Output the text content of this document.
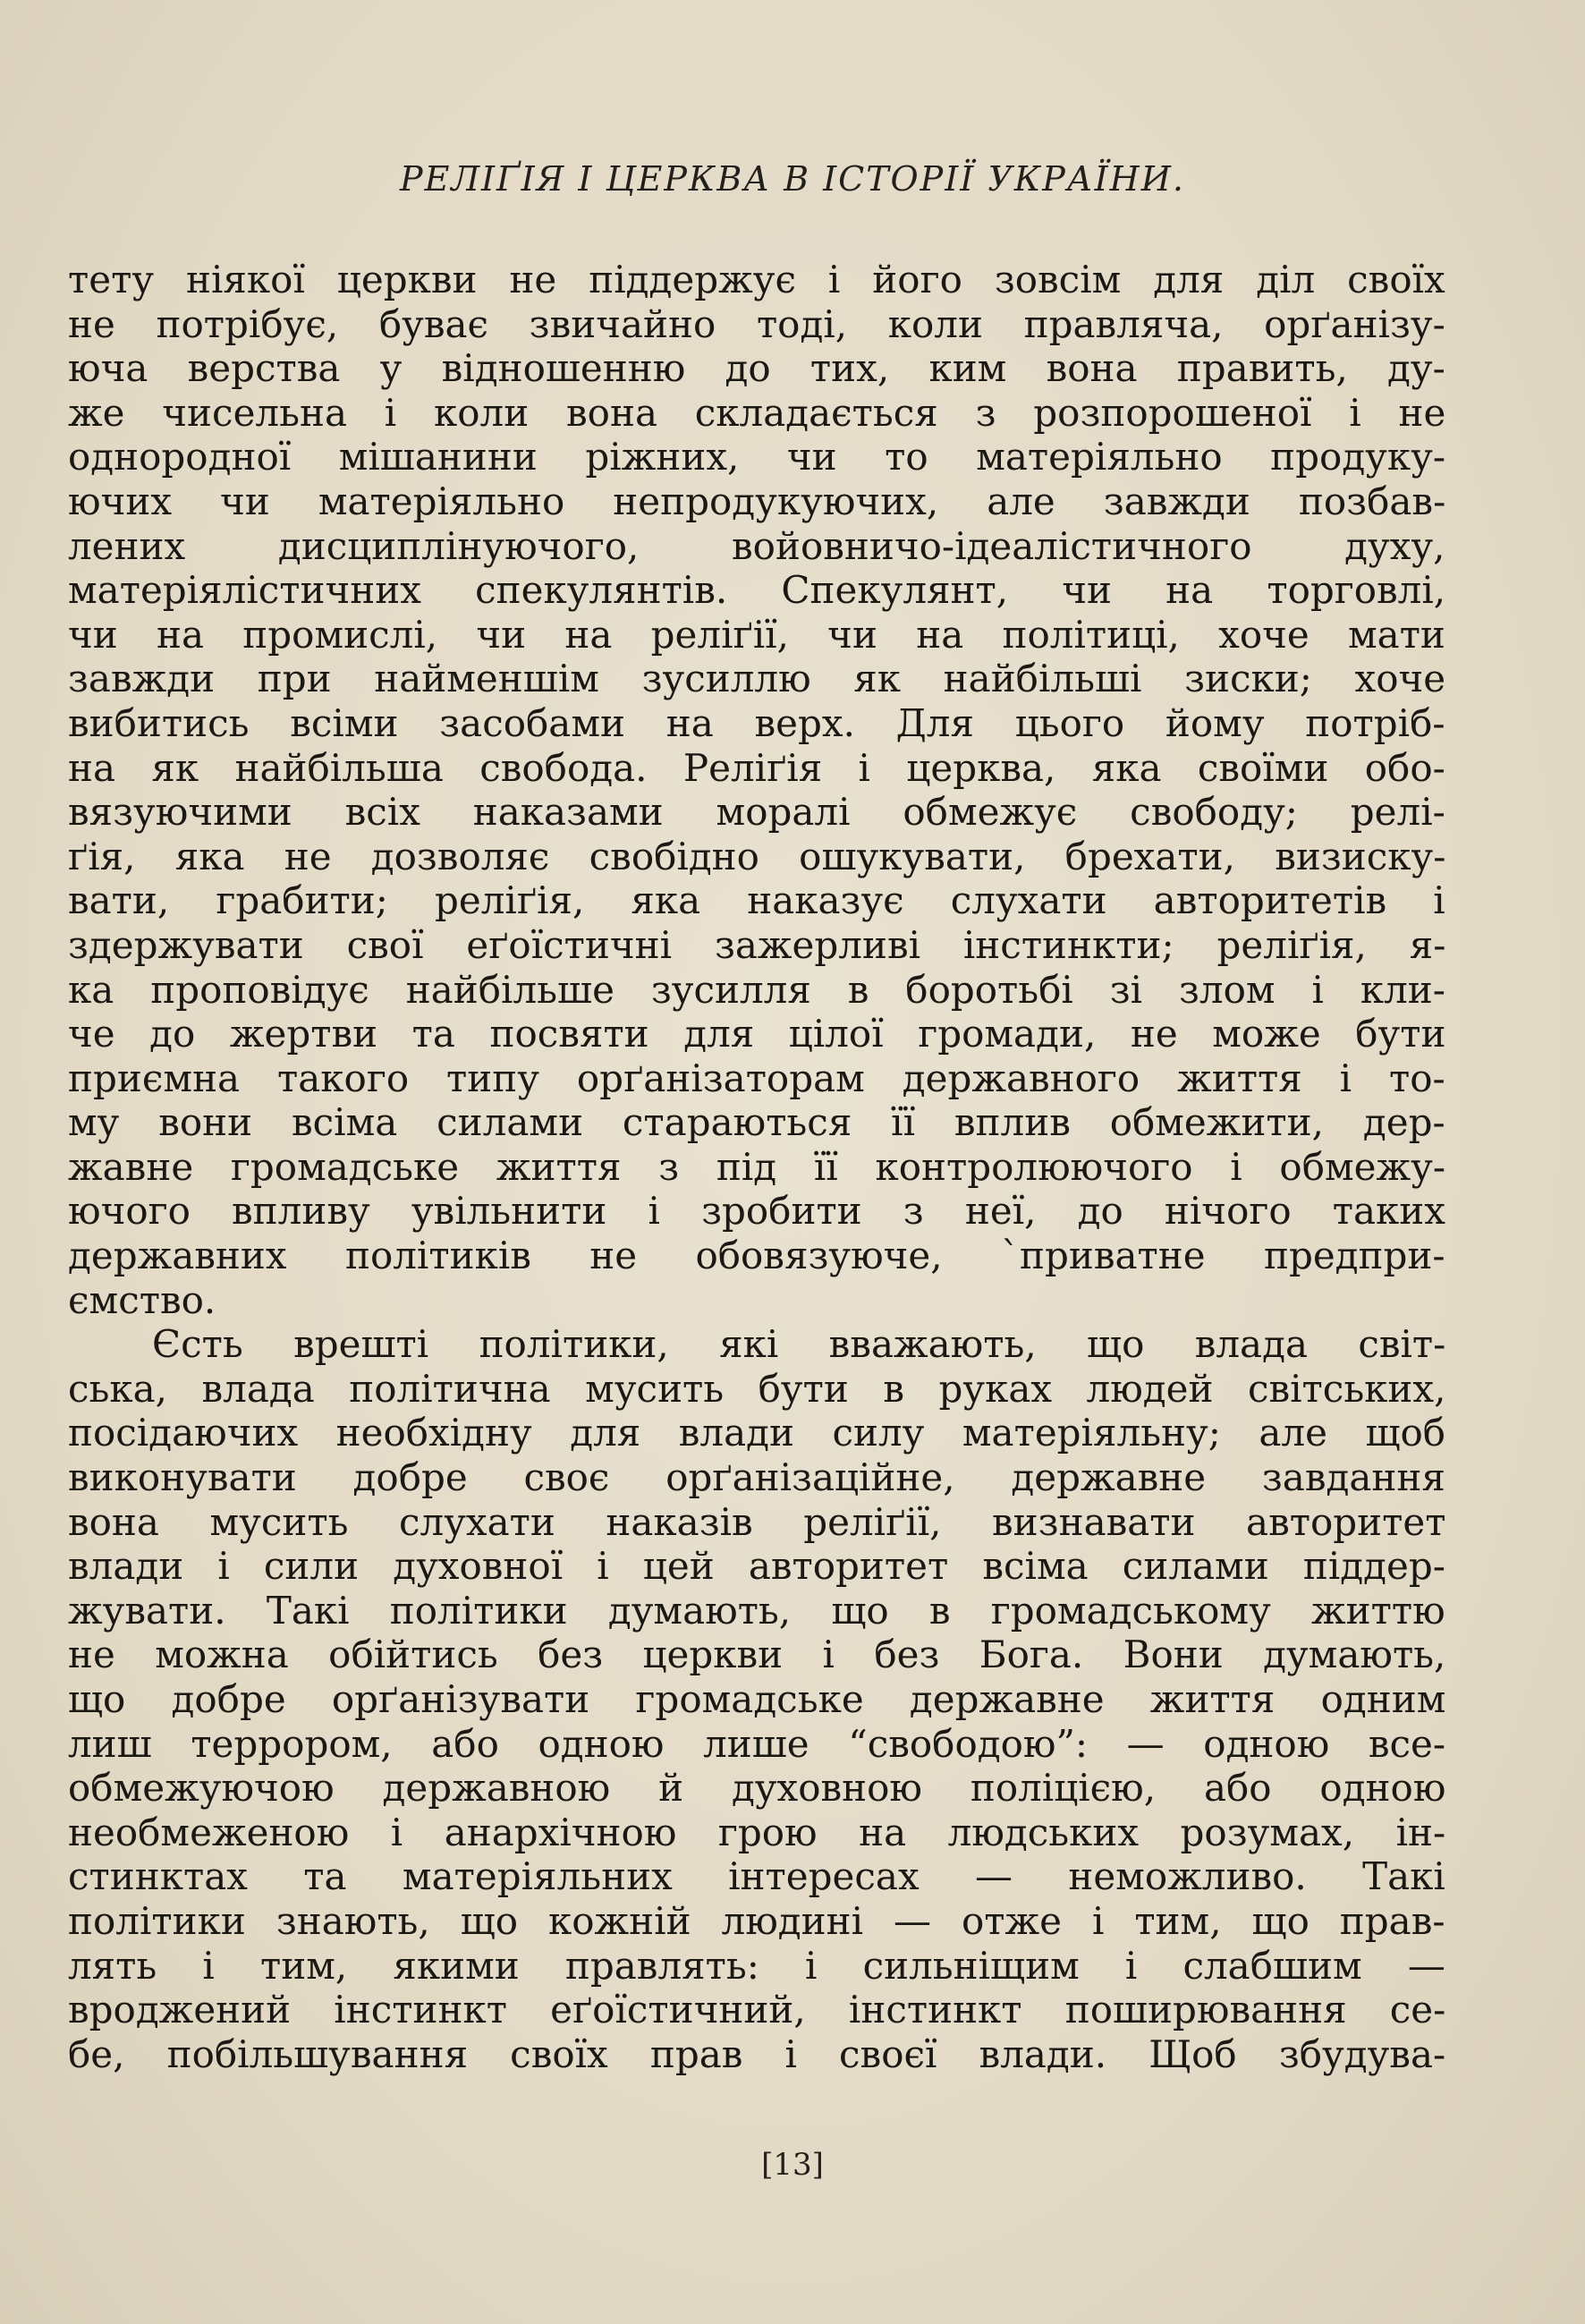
РЕЛІҐІЯ І ЦЕРКВА В ІСТОРІЇ УКРАЇНИ.
тету ніякої церкви не піддержує і його зовсім для діл своїх
не потрібує, буває звичайно тоді, коли правляча, орґанізу-
юча верства у відношенню до тих, ким вона править, ду-
же чисельна і коли вона складається з розпорошеної і не
однородної мішанини ріжних, чи то матеріяльно продуку-
ючих чи матеріяльно непродукуючих, але завжди позбав-
лених дисциплінуючого, войовничо-ідеалістичного духу,
матеріялістичних спекулянтів. Спекулянт, чи на торговлі,
чи на промислі, чи на реліґії, чи на політиці, хоче мати
завжди при найменшім зусиллю як найбільші зиски; хоче
вибитись всіми засобами на верх. Для цього йому потріб-
на як найбільша свобода. Реліґія і церква, яка своїми обо-
вязуючими всіх наказами моралі обмежує свободу; релі-
ґія, яка не дозволяє свобідно ошукувати, брехати, визиску-
вати, грабити; реліґія, яка наказує слухати авторитетів і
здержувати свої еґоїстичні зажерливі інстинкти; реліґія, я-
ка проповідує найбільше зусилля в боротьбі зі злом і кли-
че до жертви та посвяти для цілої громади, не може бути
приємна такого типу орґанізаторам державного життя і то-
му вони всіма силами стараються її вплив обмежити, дер-
жавне громадське життя з під її контролюючого і обмежу-
ючого впливу увільнити і зробити з неї, до нічого таких
державних політиків не обовязуюче, `приватне предпри-
ємство.
Єсть врешті політики, які вважають, що влада світ-
ська, влада політична мусить бути в руках людей світських,
посідаючих необхідну для влади силу матеріяльну; але щоб
виконувати добре своє орґанізаційне, державне завдання
вона мусить слухати наказів реліґії, визнавати авторитет
влади і сили духовної і цей авторитет всіма силами піддер-
жувати. Такі політики думають, що в громадському життю
не можна обійтись без церкви і без Бога. Вони думають,
що добре орґанізувати громадське державне життя одним
лиш террором, або одною лише “свободою”: — одною все-
обмежуючою державною й духовною поліцією, або одною
необмеженою і анархічною грою на людських розумах, ін-
стинктах та матеріяльних інтересах — неможливо. Такі
політики знають, що кожній людині — отже і тим, що прав-
лять і тим, якими правлять: і сильніщим і слабшим —
вроджений інстинкт еґоїстичний, інстинкт поширювання се-
бе, побільшування своїх прав і своєї влади. Щоб збудува-
[13]
